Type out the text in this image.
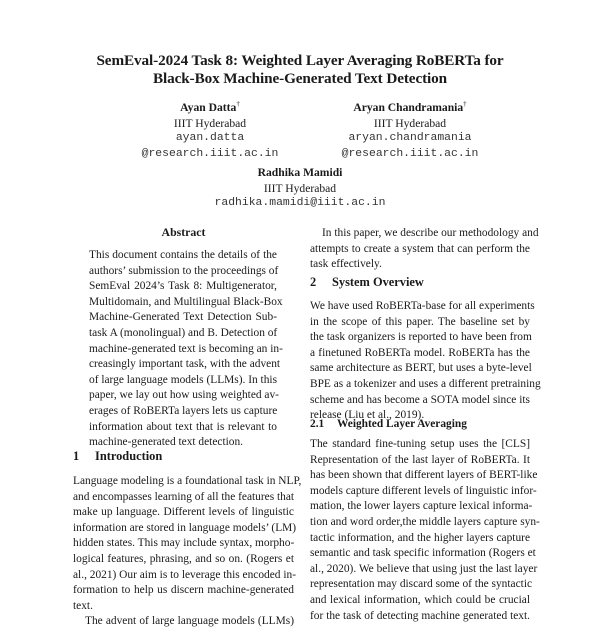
SemEval-2024 Task 8: Weighted Layer Averaging RoBERTa for
Black-Box Machine-Generated Text Detection
Ayan Datta†
IIIT Hyderabad
ayan.datta
@research.iiit.ac.in
Aryan Chandramania†
IIIT Hyderabad
aryan.chandramania
@research.iiit.ac.in
Radhika Mamidi
IIIT Hyderabad
radhika.mamidi@iiit.ac.in
Abstract
This document contains the details of the
authors’ submission to the proceedings of
SemEval 2024’s Task 8: Multigenerator,
Multidomain, and Multilingual Black-Box
Machine-Generated Text Detection Sub-
task A (monolingual) and B. Detection of
machine-generated text is becoming an in-
creasingly important task, with the advent
of large language models (LLMs). In this
paper, we lay out how using weighted av-
erages of RoBERTa layers lets us capture
information about text that is relevant to
machine-generated text detection.
1 Introduction
Language modeling is a foundational task in NLP,
and encompasses learning of all the features that
make up language. Different levels of linguistic
information are stored in language models’ (LM)
hidden states. This may include syntax, morpho-
logical features, phrasing, and so on. (Rogers et
al., 2021) Our aim is to leverage this encoded in-
formation to help us discern machine-generated
text.
The advent of large language models (LLMs)
In this paper, we describe our methodology and
attempts to create a system that can perform the
task effectively.
2 System Overview
We have used RoBERTa-base for all experiments
in the scope of this paper. The baseline set by
the task organizers is reported to have been from
a finetuned RoBERTa model. RoBERTa has the
same architecture as BERT, but uses a byte-level
BPE as a tokenizer and uses a different pretraining
scheme and has become a SOTA model since its
release (Liu et al., 2019).
2.1 Weighted Layer Averaging
The standard fine-tuning setup uses the [CLS]
Representation of the last layer of RoBERTa. It
has been shown that different layers of BERT-like
models capture different levels of linguistic infor-
mation, the lower layers capture lexical informa-
tion and word order,the middle layers capture syn-
tactic information, and the higher layers capture
semantic and task specific information (Rogers et
al., 2020). We believe that using just the last layer
representation may discard some of the syntactic
and lexical information, which could be crucial
for the task of detecting machine generated text.
